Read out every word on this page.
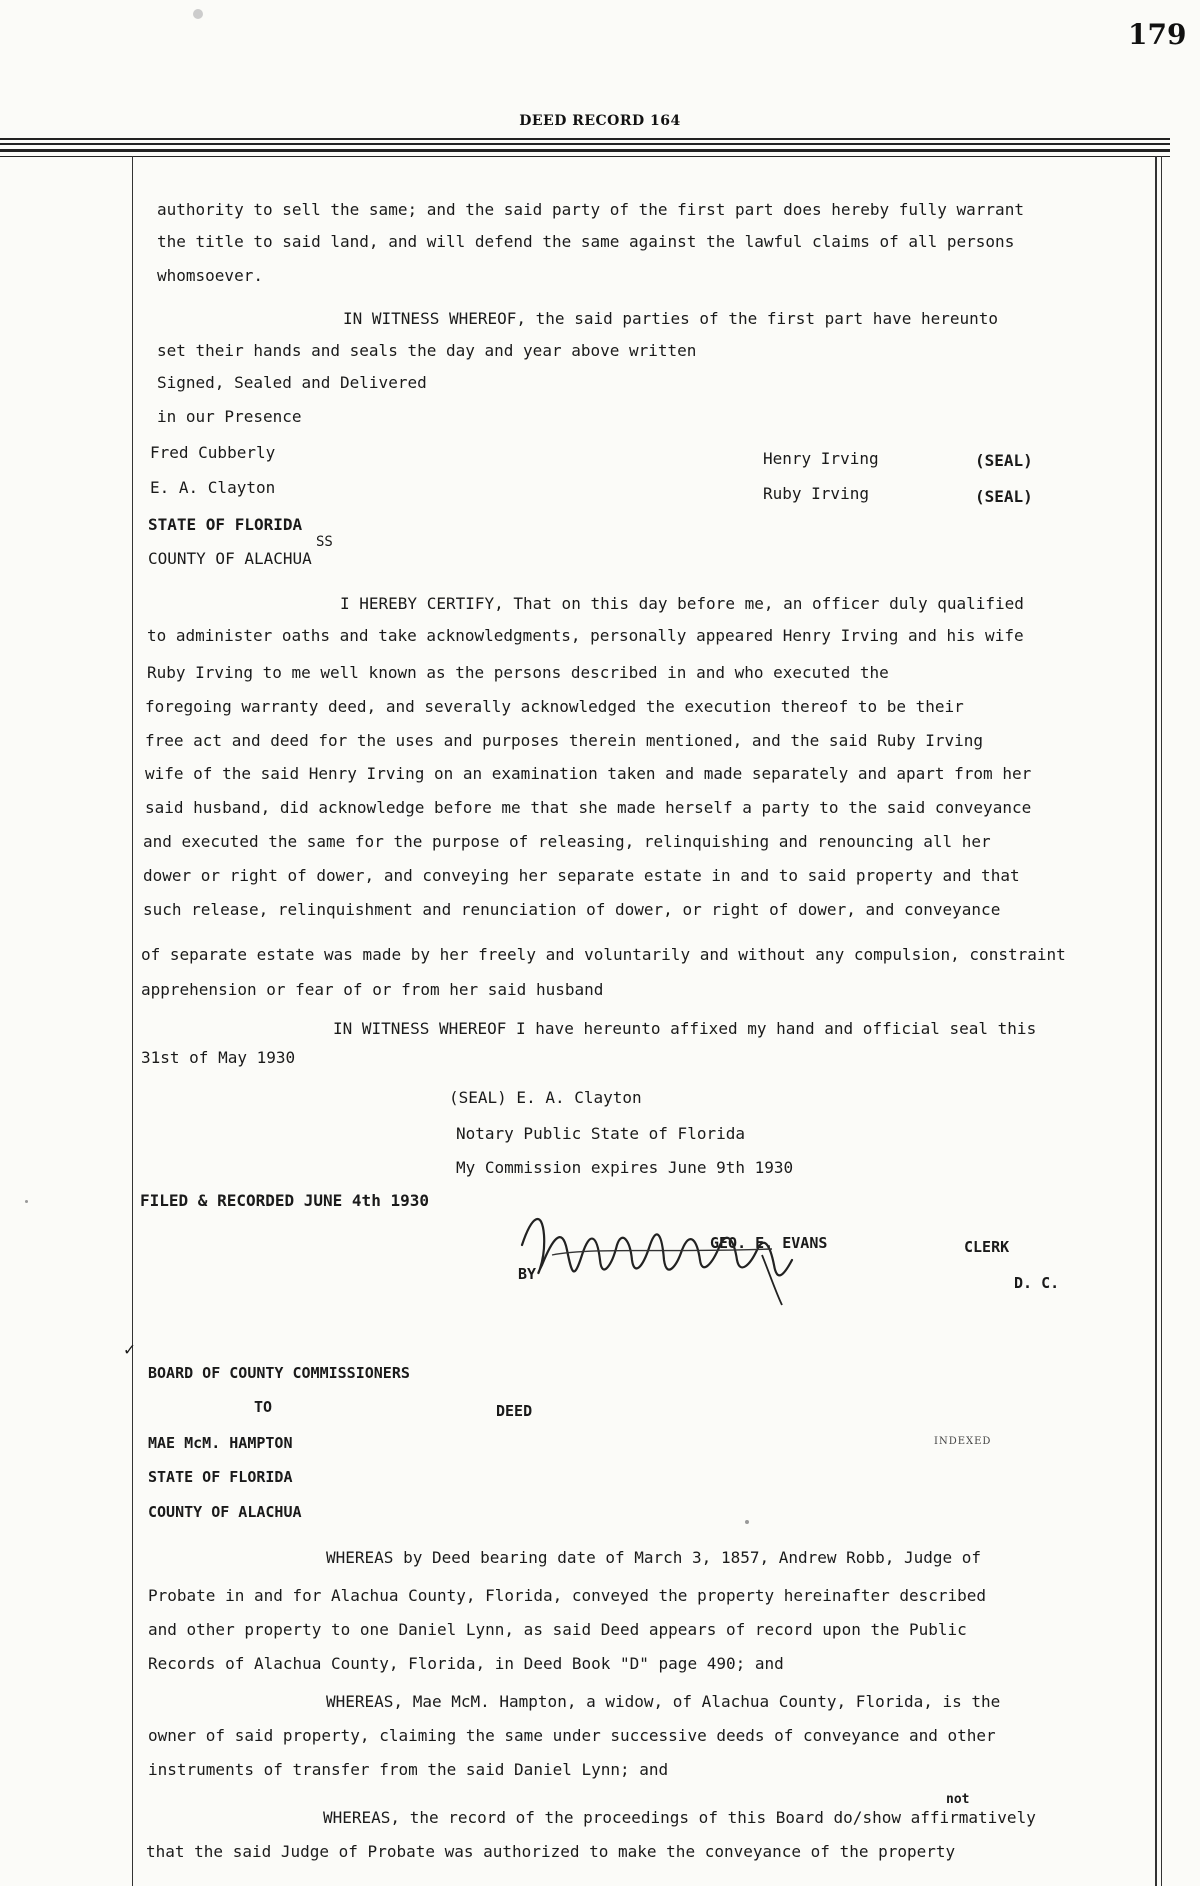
179
DEED RECORD 164
authority to sell the same; and the said party of the first part does hereby fully warrant
the title to said land, and will defend the same against the lawful claims of all persons
whomsoever.
IN WITNESS WHEREOF, the said parties of the first part have hereunto
set their hands and seals the day and year above written
Signed, Sealed and Delivered
in our Presence
Fred Cubberly
E. A. Clayton
Henry Irving	(SEAL)
Ruby Irving	(SEAL)
STATE OF FLORIDA
SS
COUNTY OF ALACHUA
I HEREBY CERTIFY, That on this day before me, an officer duly qualified
to administer oaths and take acknowledgments, personally appeared Henry Irving and his wife
Ruby Irving to me well known as the persons described in and who executed the
foregoing warranty deed, and severally acknowledged the execution thereof to be their
free act and deed for the uses and purposes therein mentioned, and the said Ruby Irving
wife of the said Henry Irving on an examination taken and made separately and apart from her
said husband, did acknowledge before me that she made herself a party to the said conveyance
and executed the same for the purpose of releasing, relinquishing and renouncing all her
dower or right of dower, and conveying her separate estate in and to said property and that
such release, relinquishment and renunciation of dower, or right of dower, and conveyance
of separate estate was made by her freely and voluntarily and without any compulsion, constraint
apprehension or fear of or from her said husband
IN WITNESS WHEREOF I have hereunto affixed my hand and official seal this
31st of May 1930
(SEAL) E. A. Clayton
Notary Public State of Florida
My Commission expires June 9th 1930
FILED & RECORDED JUNE 4th 1930
GEO. E. EVANS	CLERK
BY	D. C.
✓
BOARD OF COUNTY COMMISSIONERS
TO	DEED
MAE McM. HAMPTON	INDEXED
STATE OF FLORIDA
COUNTY OF ALACHUA
WHEREAS by Deed bearing date of March 3, 1857, Andrew Robb, Judge of
Probate in and for Alachua County, Florida, conveyed the property hereinafter described
and other property to one Daniel Lynn, as said Deed appears of record upon the Public
Records of Alachua County, Florida, in Deed Book "D" page 490; and
WHEREAS, Mae McM. Hampton, a widow, of Alachua County, Florida, is the
owner of said property, claiming the same under successive deeds of conveyance and other
instruments of transfer from the said Daniel Lynn; and
not
WHEREAS, the record of the proceedings of this Board do/show affirmatively
that the said Judge of Probate was authorized to make the conveyance of the property
